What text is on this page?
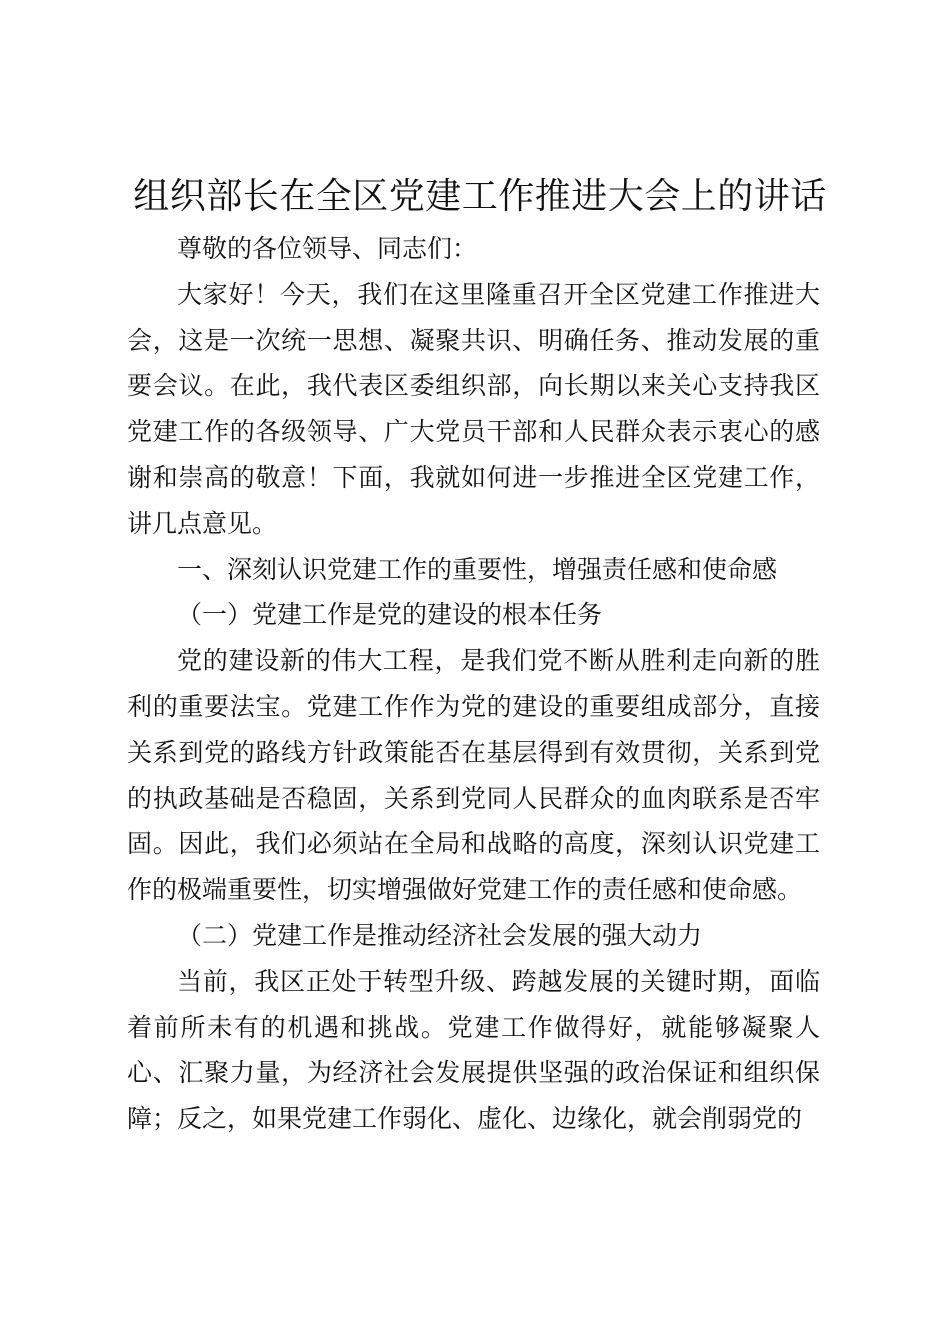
组织部长在全区党建工作推进大会上的讲话

尊敬的各位领导、同志们：

大家好！今天，我们在这里隆重召开全区党建工作推进大会，这是一次统一思想、凝聚共识、明确任务、推动发展的重要会议。在此，我代表区委组织部，向长期以来关心支持我区党建工作的各级领导、广大党员干部和人民群众表示衷心的感谢和崇高的敬意！下面，我就如何进一步推进全区党建工作，讲几点意见。

一、深刻认识党建工作的重要性，增强责任感和使命感

（一）党建工作是党的建设的根本任务

党的建设新的伟大工程，是我们党不断从胜利走向新的胜利的重要法宝。党建工作作为党的建设的重要组成部分，直接关系到党的路线方针政策能否在基层得到有效贯彻，关系到党的执政基础是否稳固，关系到党同人民群众的血肉联系是否牢固。因此，我们必须站在全局和战略的高度，深刻认识党建工作的极端重要性，切实增强做好党建工作的责任感和使命感。

（二）党建工作是推动经济社会发展的强大动力

当前，我区正处于转型升级、跨越发展的关键时期，面临着前所未有的机遇和挑战。党建工作做得好，就能够凝聚人心、汇聚力量，为经济社会发展提供坚强的政治保证和组织保障；反之，如果党建工作弱化、虚化、边缘化，就会削弱党的
